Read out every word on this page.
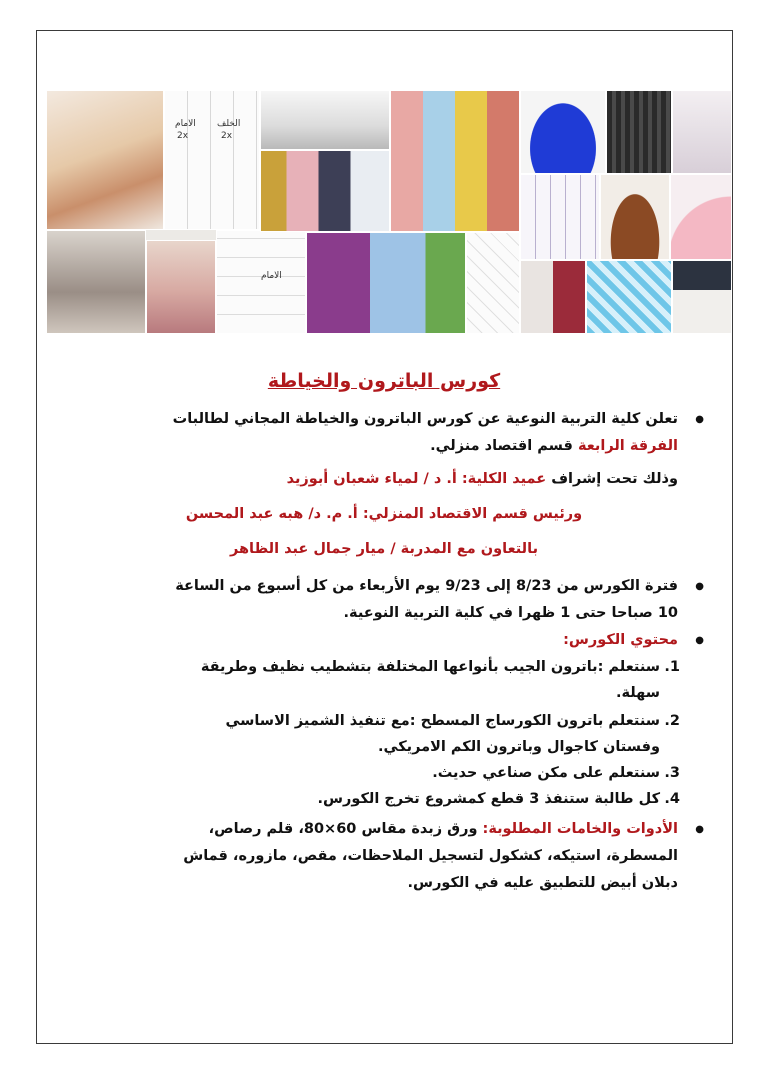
الامام
2x
الخلف
2x
الامام
كورس الباترون والخياطة

● تعلن كلية التربية النوعية عن كورس الباترون والخياطة المجاني لطالبات
الفرقة الرابعة قسم اقتصاد منزلي.

وذلك تحت إشراف عميد الكلية: أ. د / لمياء شعبان أبوزيد

ورئيس قسم الاقتصاد المنزلي: أ. م. د/ هبه عبد المحسن

بالتعاون مع المدربة / ميار جمال عبد الظاهر

● فترة الكورس من 8/23 إلى 9/23 يوم الأربعاء من كل أسبوع من الساعة
10 صباحا حتى 1 ظهرا في كلية التربية النوعية.

● محتوي الكورس:

1.
سنتعلم :باترون الجيب بأنواعها المختلفة بتشطيب نظيف وطريقة
سهلة.
2.
سنتعلم باترون الكورساج المسطح :مع تنفيذ الشميز الاساسي
وفستان كاجوال وباترون الكم الامريكي.
3.
سنتعلم على مكن صناعي حديث.
4.
كل طالبة ستنفذ 3 قطع كمشروع تخرج الكورس.

● الأدوات والخامات المطلوبة: ورق زبدة مقاس 60×80، قلم رصاص،
المسطرة، استيكه، كشكول لتسجيل الملاحظات، مقص، مازوره، قماش
دبلان أبيض للتطبيق عليه في الكورس.
